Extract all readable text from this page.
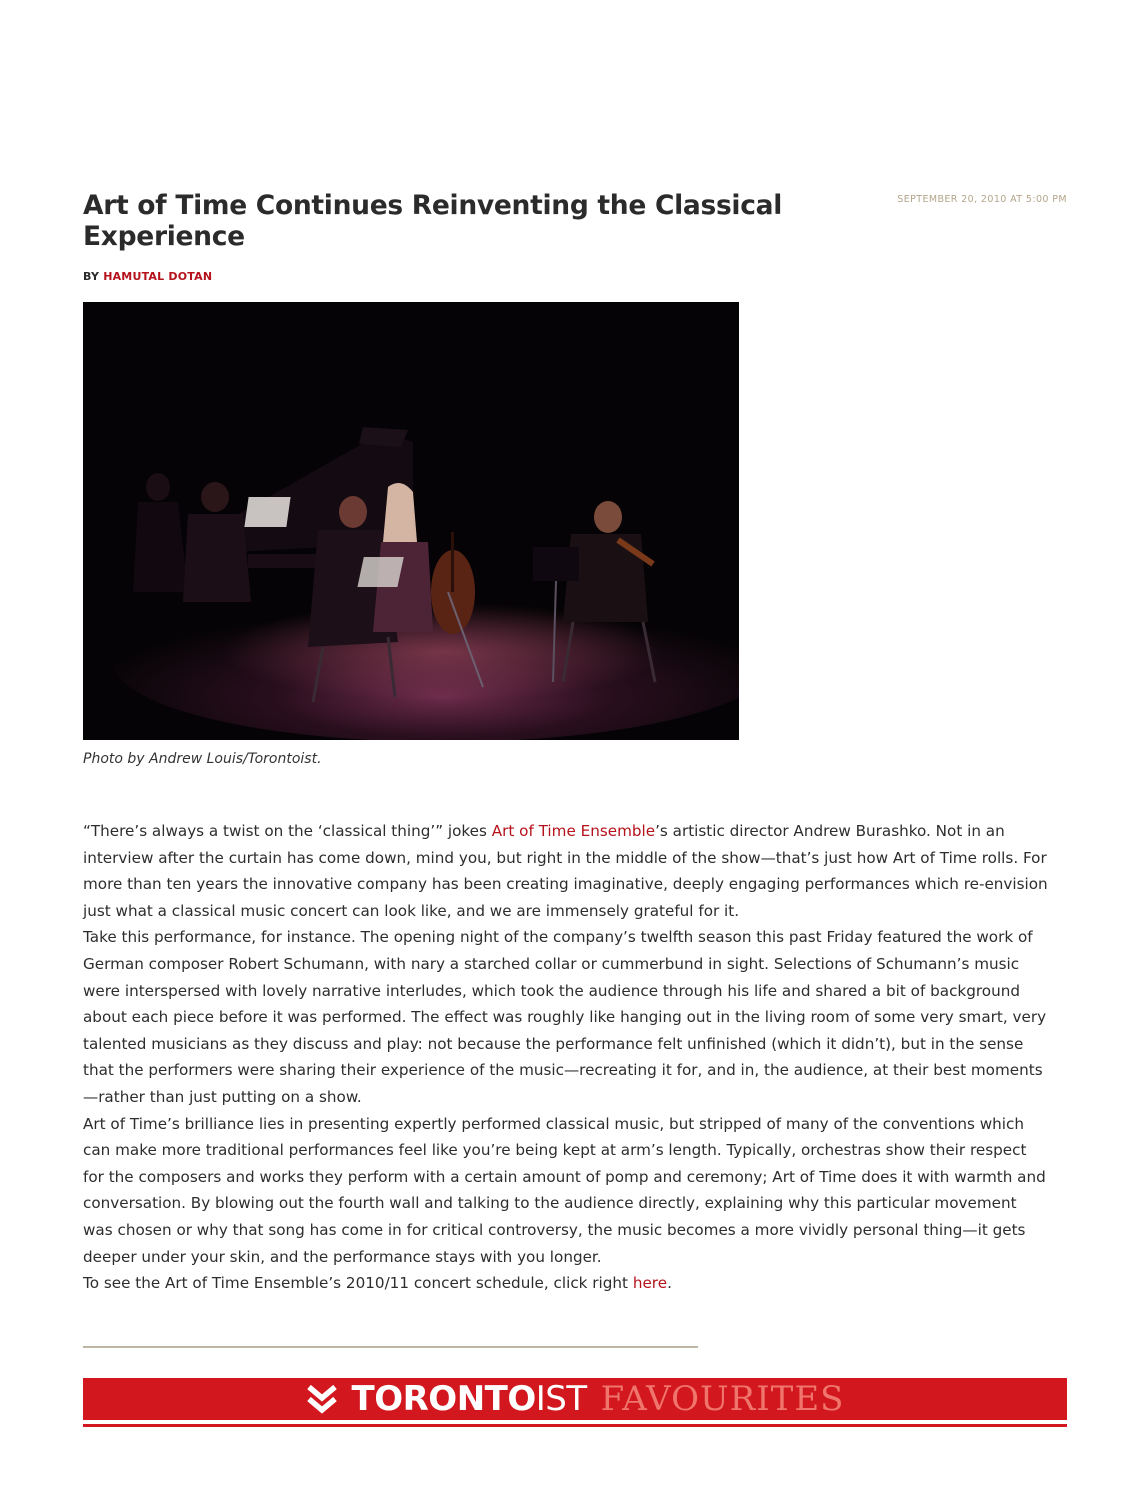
Art of Time Continues Reinventing the Classical Experience
SEPTEMBER 20, 2010 AT 5:00 PM
BY HAMUTAL DOTAN
Photo by Andrew Louis/Torontoist.

“There’s always a twist on the ‘classical thing’” jokes Art of Time Ensemble’s artistic director Andrew Burashko. Not in an interview after the curtain has come down, mind you, but right in the middle of the show—that’s just how Art of Time rolls. For more than ten years the innovative company has been creating imaginative, deeply engaging performances which re-envision just what a classical music concert can look like, and we are immensely grateful for it.

Take this performance, for instance. The opening night of the company’s twelfth season this past Friday featured the work of German composer Robert Schumann, with nary a starched collar or cummerbund in sight. Selections of Schumann’s music were interspersed with lovely narrative interludes, which took the audience through his life and shared a bit of background about each piece before it was performed. The effect was roughly like hanging out in the living room of some very smart, very talented musicians as they discuss and play: not because the performance felt unfinished (which it didn’t), but in the sense that the performers were sharing their experience of the music—recreating it for, and in, the audience, at their best moments—rather than just putting on a show.

Art of Time’s brilliance lies in presenting expertly performed classical music, but stripped of many of the conventions which can make more traditional performances feel like you’re being kept at arm’s length. Typically, orchestras show their respect for the composers and works they perform with a certain amount of pomp and ceremony; Art of Time does it with warmth and conversation. By blowing out the fourth wall and talking to the audience directly, explaining why this particular movement was chosen or why that song has come in for critical controversy, the music becomes a more vividly personal thing—it gets deeper under your skin, and the performance stays with you longer.

To see the Art of Time Ensemble’s 2010/11 concert schedule, click right here.

TORONTO IST FAVOURITES
